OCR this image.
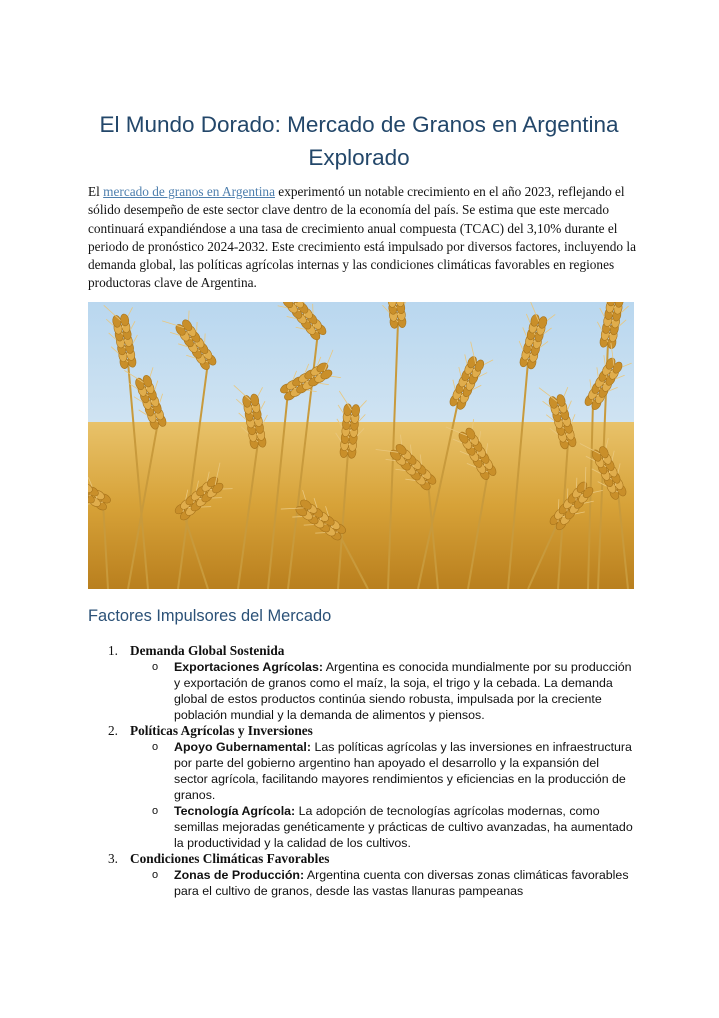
El Mundo Dorado: Mercado de Granos en Argentina Explorado

El mercado de granos en Argentina experimentó un notable crecimiento en el año 2023, reflejando el sólido desempeño de este sector clave dentro de la economía del país. Se estima que este mercado continuará expandiéndose a una tasa de crecimiento anual compuesta (TCAC) del 3,10% durante el periodo de pronóstico 2024-2032. Este crecimiento está impulsado por diversos factores, incluyendo la demanda global, las políticas agrícolas internas y las condiciones climáticas favorables en regiones productoras clave de Argentina.

Factores Impulsores del Mercado
1. Demanda Global Sostenida
o Exportaciones Agrícolas: Argentina es conocida mundialmente por su producción y exportación de granos como el maíz, la soja, el trigo y la cebada. La demanda global de estos productos continúa siendo robusta, impulsada por la creciente población mundial y la demanda de alimentos y piensos.
2. Políticas Agrícolas y Inversiones
o Apoyo Gubernamental: Las políticas agrícolas y las inversiones en infraestructura por parte del gobierno argentino han apoyado el desarrollo y la expansión del sector agrícola, facilitando mayores rendimientos y eficiencias en la producción de granos.
o Tecnología Agrícola: La adopción de tecnologías agrícolas modernas, como semillas mejoradas genéticamente y prácticas de cultivo avanzadas, ha aumentado la productividad y la calidad de los cultivos.
3. Condiciones Climáticas Favorables
o Zonas de Producción: Argentina cuenta con diversas zonas climáticas favorables para el cultivo de granos, desde las vastas llanuras pampeanas
